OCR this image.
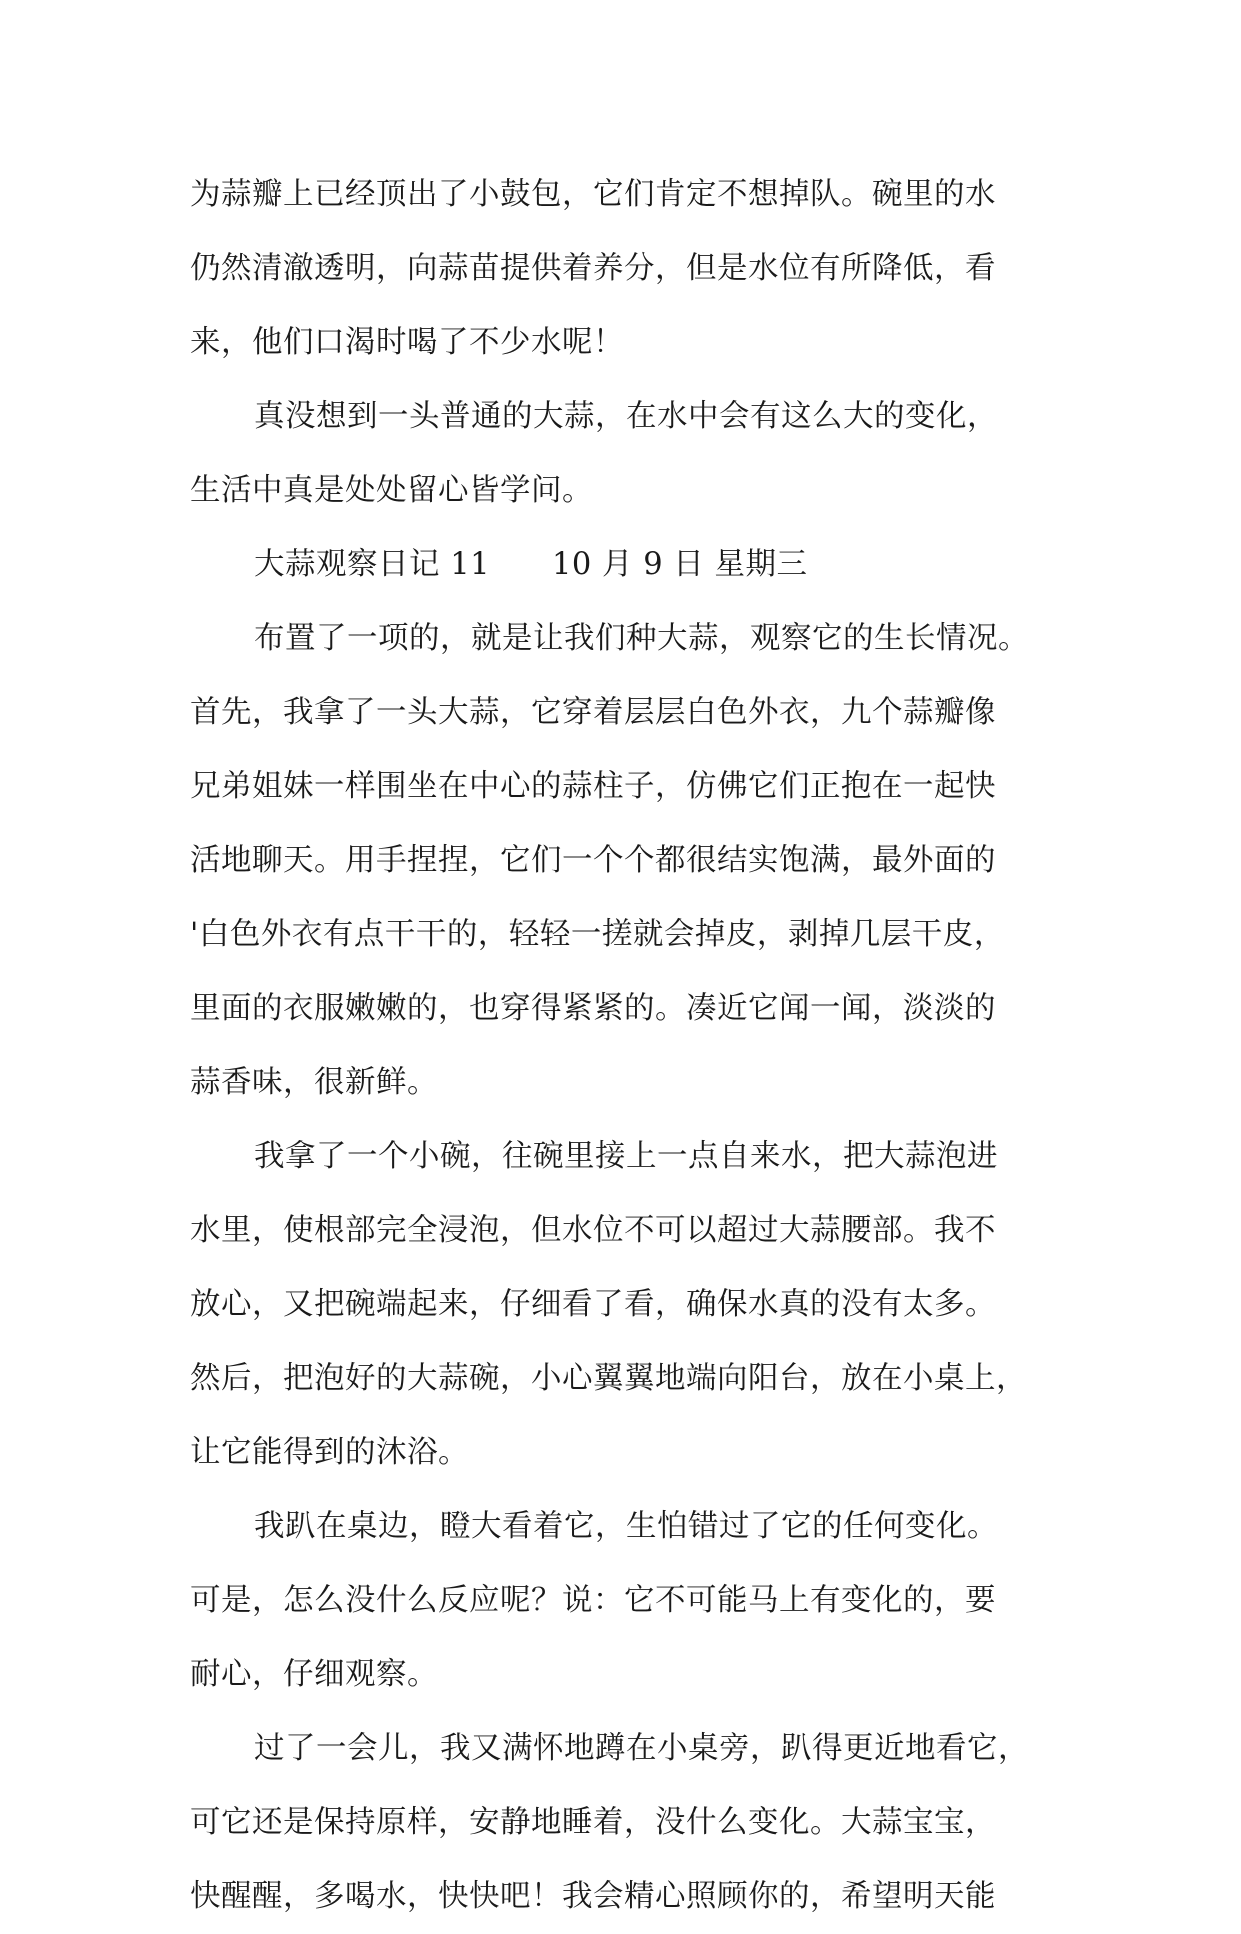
为蒜瓣上已经顶出了小鼓包，它们肯定不想掉队。碗里的水
仍然清澈透明，向蒜苗提供着养分，但是水位有所降低，看
来，他们口渴时喝了不少水呢！
真没想到一头普通的大蒜，在水中会有这么大的变化，
生活中真是处处留心皆学问。
大蒜观察日记 11　　10 月 9 日 星期三
布置了一项的，就是让我们种大蒜，观察它的生长情况。
首先，我拿了一头大蒜，它穿着层层白色外衣，九个蒜瓣像
兄弟姐妹一样围坐在中心的蒜柱子，仿佛它们正抱在一起快
活地聊天。用手捏捏，它们一个个都很结实饱满，最外面的
'白色外衣有点干干的，轻轻一搓就会掉皮，剥掉几层干皮，
里面的衣服嫩嫩的，也穿得紧紧的。凑近它闻一闻，淡淡的
蒜香味，很新鲜。
我拿了一个小碗，往碗里接上一点自来水，把大蒜泡进
水里，使根部完全浸泡，但水位不可以超过大蒜腰部。我不
放心，又把碗端起来，仔细看了看，确保水真的没有太多。
然后，把泡好的大蒜碗，小心翼翼地端向阳台，放在小桌上，
让它能得到的沐浴。
我趴在桌边，瞪大看着它，生怕错过了它的任何变化。
可是，怎么没什么反应呢？说：它不可能马上有变化的，要
耐心，仔细观察。
过了一会儿，我又满怀地蹲在小桌旁，趴得更近地看它，
可它还是保持原样，安静地睡着，没什么变化。大蒜宝宝，
快醒醒，多喝水，快快吧！我会精心照顾你的，希望明天能
